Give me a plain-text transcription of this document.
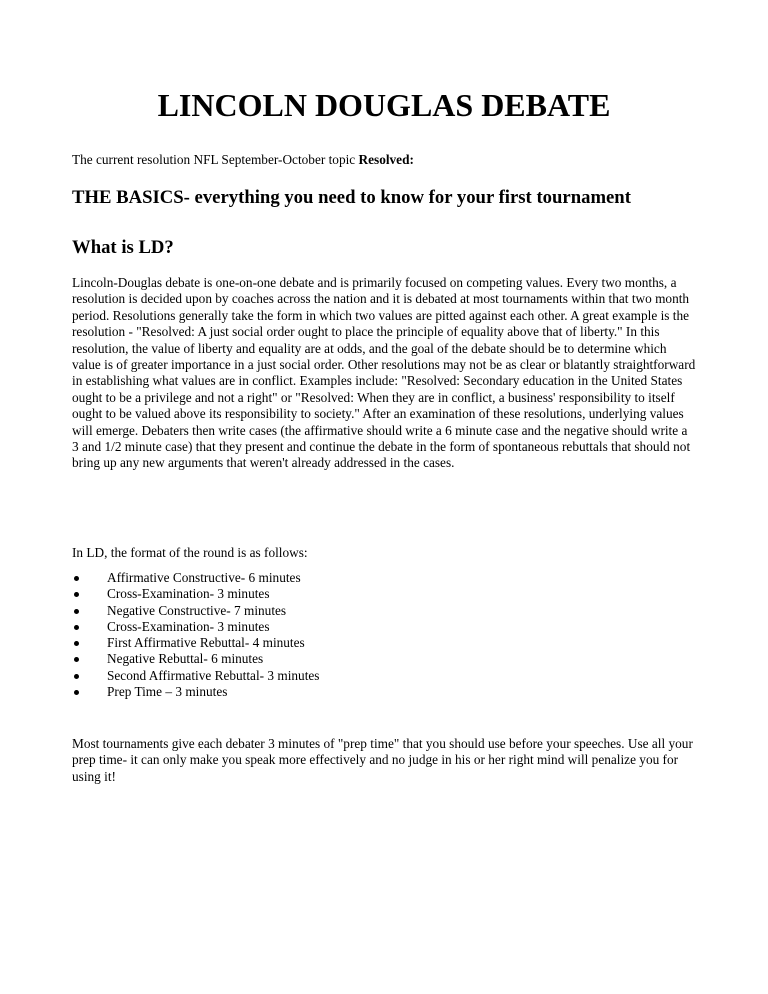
LINCOLN DOUGLAS DEBATE

The current resolution NFL September-October topic Resolved:

THE BASICS- everything you need to know for your first tournament
What is LD?

Lincoln-Douglas debate is one-on-one debate and is primarily focused on competing values. Every two months, a resolution is decided upon by coaches across the nation and it is debated at most tournaments within that two month period. Resolutions generally take the form in which two values are pitted against each other. A great example is the resolution - "Resolved: A just social order ought to place the principle of equality above that of liberty." In this resolution, the value of liberty and equality are at odds, and the goal of the debate should be to determine which value is of greater importance in a just social order. Other resolutions may not be as clear or blatantly straightforward in establishing what values are in conflict. Examples include: "Resolved: Secondary education in the United States ought to be a privilege and not a right" or "Resolved: When they are in conflict, a business' responsibility to itself ought to be valued above its responsibility to society." After an examination of these resolutions, underlying values will emerge. Debaters then write cases (the affirmative should write a 6 minute case and the negative should write a 3 and 1/2 minute case) that they present and continue the debate in the form of spontaneous rebuttals that should not bring up any new arguments that weren't already addressed in the cases.

In LD, the format of the round is as follows:

Affirmative Constructive- 6 minutes
Cross-Examination- 3 minutes
Negative Constructive- 7 minutes
Cross-Examination- 3 minutes
First Affirmative Rebuttal- 4 minutes
Negative Rebuttal- 6 minutes
Second Affirmative Rebuttal- 3 minutes
Prep Time – 3 minutes

Most tournaments give each debater 3 minutes of "prep time" that you should use before your speeches. Use all your prep time- it can only make you speak more effectively and no judge in his or her right mind will penalize you for using it!
